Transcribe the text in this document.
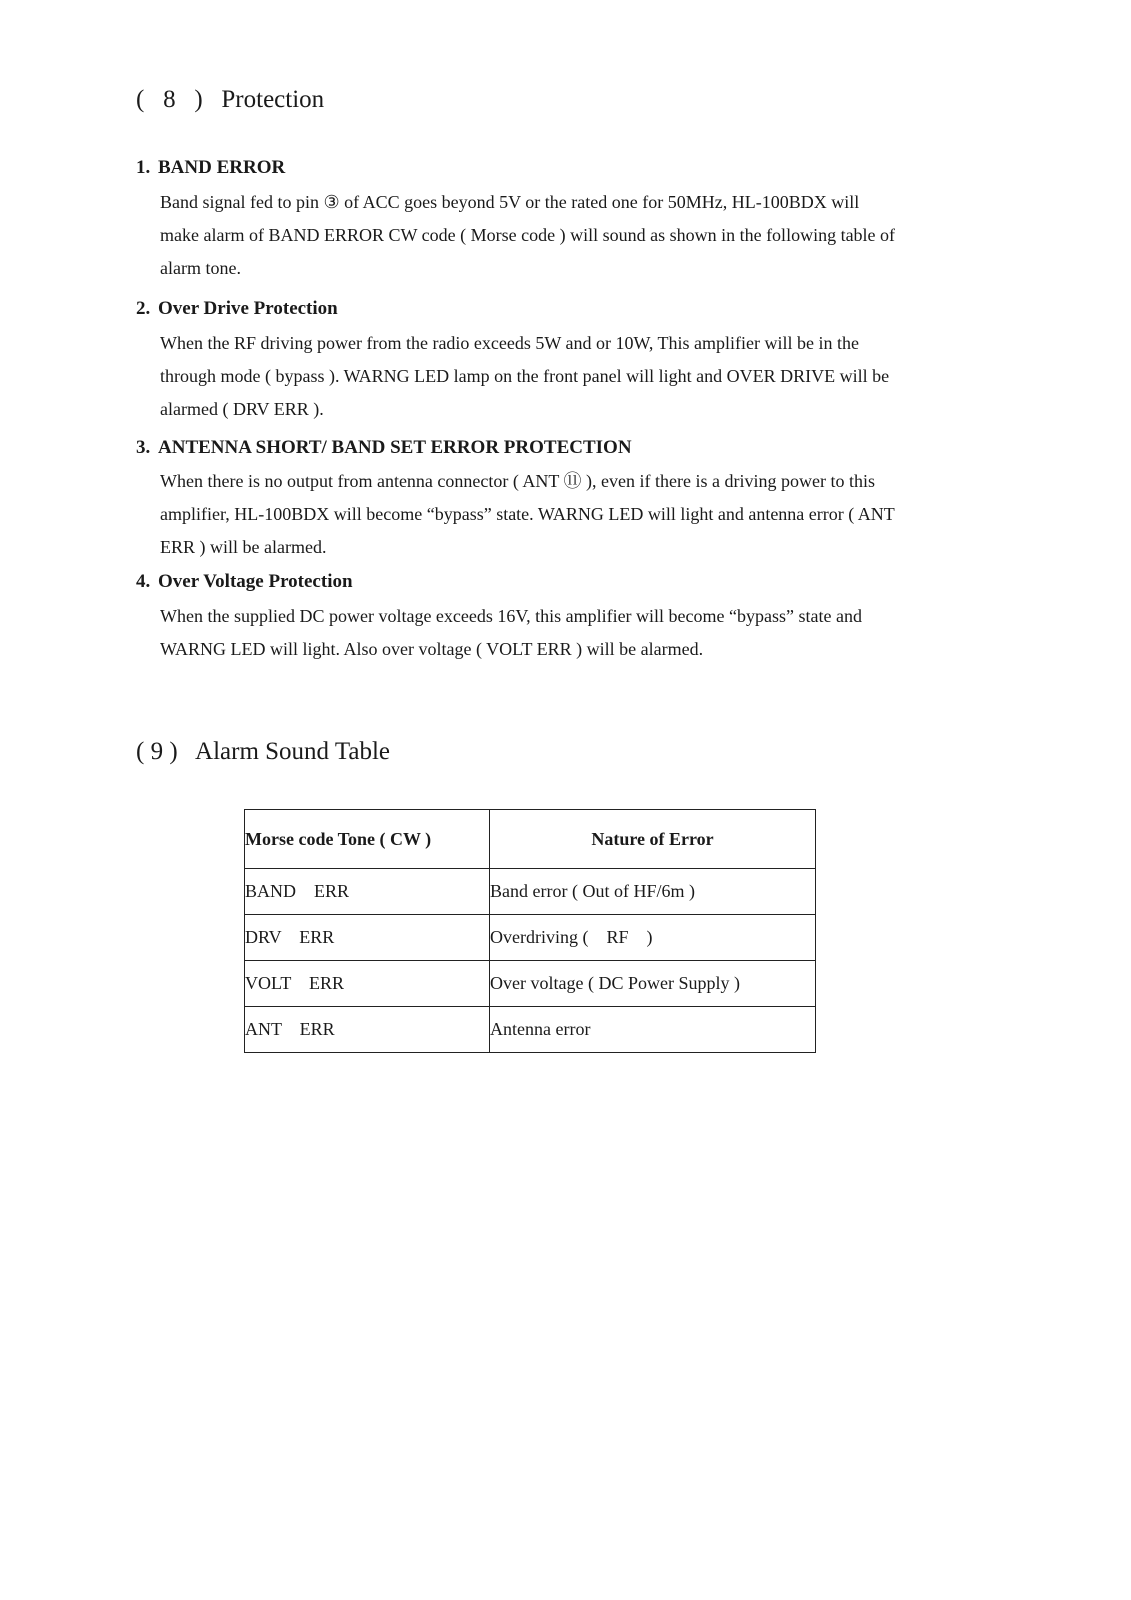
(   8   )   Protection
1. BAND ERROR
Band signal fed to pin ③ of ACC goes beyond 5V or the rated one for 50MHz, HL-100BDX will
make alarm of BAND ERROR CW code ( Morse code ) will sound as shown in the following table of
alarm tone.
2. Over Drive Protection
When the RF driving power from the radio exceeds 5W and or 10W, This amplifier will be in the
through mode ( bypass ). WARNG LED lamp on the front panel will light and OVER DRIVE will be
alarmed ( DRV ERR ).
3. ANTENNA SHORT/ BAND SET ERROR PROTECTION
When there is no output from antenna connector ( ANT ⑪ ), even if there is a driving power to this
amplifier, HL-100BDX will become “bypass” state. WARNG LED will light and antenna error ( ANT
ERR ) will be alarmed.
4. Over Voltage Protection
When the supplied DC power voltage exceeds 16V, this amplifier will become “bypass” state and
WARNG LED will light. Also over voltage ( VOLT ERR ) will be alarmed.
( 9 )   Alarm Sound Table
Morse code Tone ( CW )	Nature of Error
BAND    ERR	Band error ( Out of HF/6m )
DRV    ERR	Overdriving (    RF    )
VOLT    ERR	Over voltage ( DC Power Supply )
ANT    ERR	Antenna error
